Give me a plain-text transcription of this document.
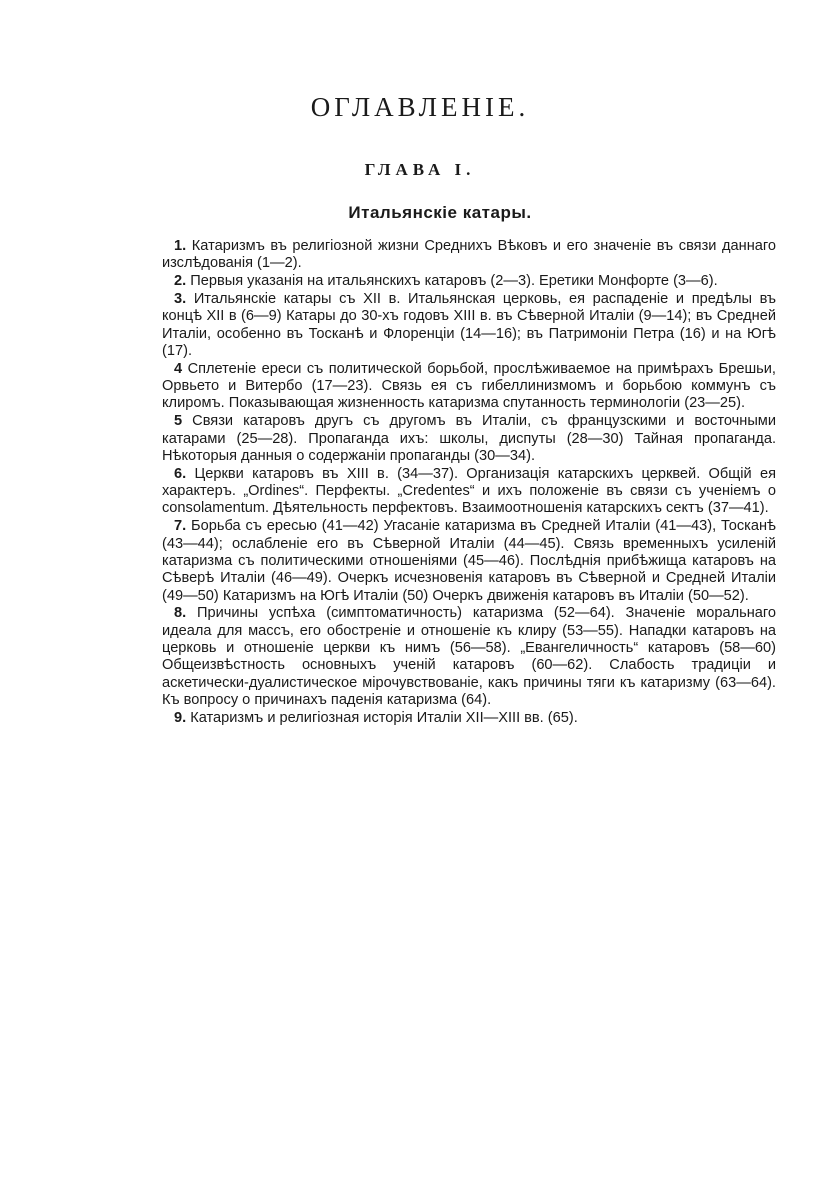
ОГЛАВЛЕНIЕ.
ГЛАВА I.
Итальянскiе катары.

1. Катаризмъ въ религiозной жизни Среднихъ Вѣковъ и его значенiе въ связи даннаго изслѣдованiя (1—2).

2. Первыя указанiя на итальянскихъ катаровъ (2—3). Еретики Монфорте (3—6).

3. Итальянскiе катары съ XII в. Итальянская церковь, ея распаденiе и предѣлы въ концѣ XII в (6—9) Катары до 30-хъ годовъ XIII в. въ Сѣверной Италiи (9—14); въ Средней Италiи, особенно въ Тосканѣ и Флоренцiи (14—16); въ Патримонiи Петра (16) и на Югѣ (17).

4 Сплетенiе ереси съ политической борьбой, прослѣживаемое на примѣрахъ Брешьи, Орвьето и Витербо (17—23). Связь ея съ гибеллинизмомъ и борьбою коммунъ съ клиромъ. Показывающая жизненность катаризма спутанность терминологiи (23—25).

5 Связи катаровъ другъ съ другомъ въ Италiи, съ французскими и восточными катарами (25—28). Пропаганда ихъ: школы, диспуты (28—30) Тайная пропаганда. Нѣкоторыя данныя о содержанiи пропаганды (30—34).

6. Церкви катаровъ въ XIII в. (34—37). Организацiя катарскихъ церквей. Общiй ея характеръ. „Ordines“. Перфекты. „Credentes“ и ихъ положенiе въ связи съ ученiемъ о consolamentum. Дѣятельность перфектовъ. Взаимоотношенiя катарскихъ сектъ (37—41).

7. Борьба съ ересью (41—42) Угасанiе катаризма въ Средней Италiи (41—43), Тосканѣ (43—44); ослабленiе его въ Сѣверной Италiи (44—45). Связь временныхъ усиленiй катаризма съ политическими отношенiями (45—46). Послѣднiя прибѣжища катаровъ на Сѣверѣ Италiи (46—49). Очеркъ исчезновенiя катаровъ въ Сѣверной и Средней Италiи (49—50) Катаризмъ на Югѣ Италiи (50) Очеркъ движенiя катаровъ въ Италiи (50—52).

8. Причины успѣха (симптоматичность) катаризма (52—64). Значенiе моральнаго идеала для массъ, его обостренiе и отношенiе къ клиру (53—55). Нападки катаровъ на церковь и отношенiе церкви къ нимъ (56—58). „Евангеличность“ катаровъ (58—60) Общеизвѣстность основныхъ ученiй катаровъ (60—62). Слабость традицiи и аскетически-дуалистическое мiрочувствованiе, какъ причины тяги къ катаризму (63—64). Къ вопросу о причинахъ паденiя катаризма (64).

9. Катаризмъ и религiозная исторiя Италiи XII—XIII вв. (65).
